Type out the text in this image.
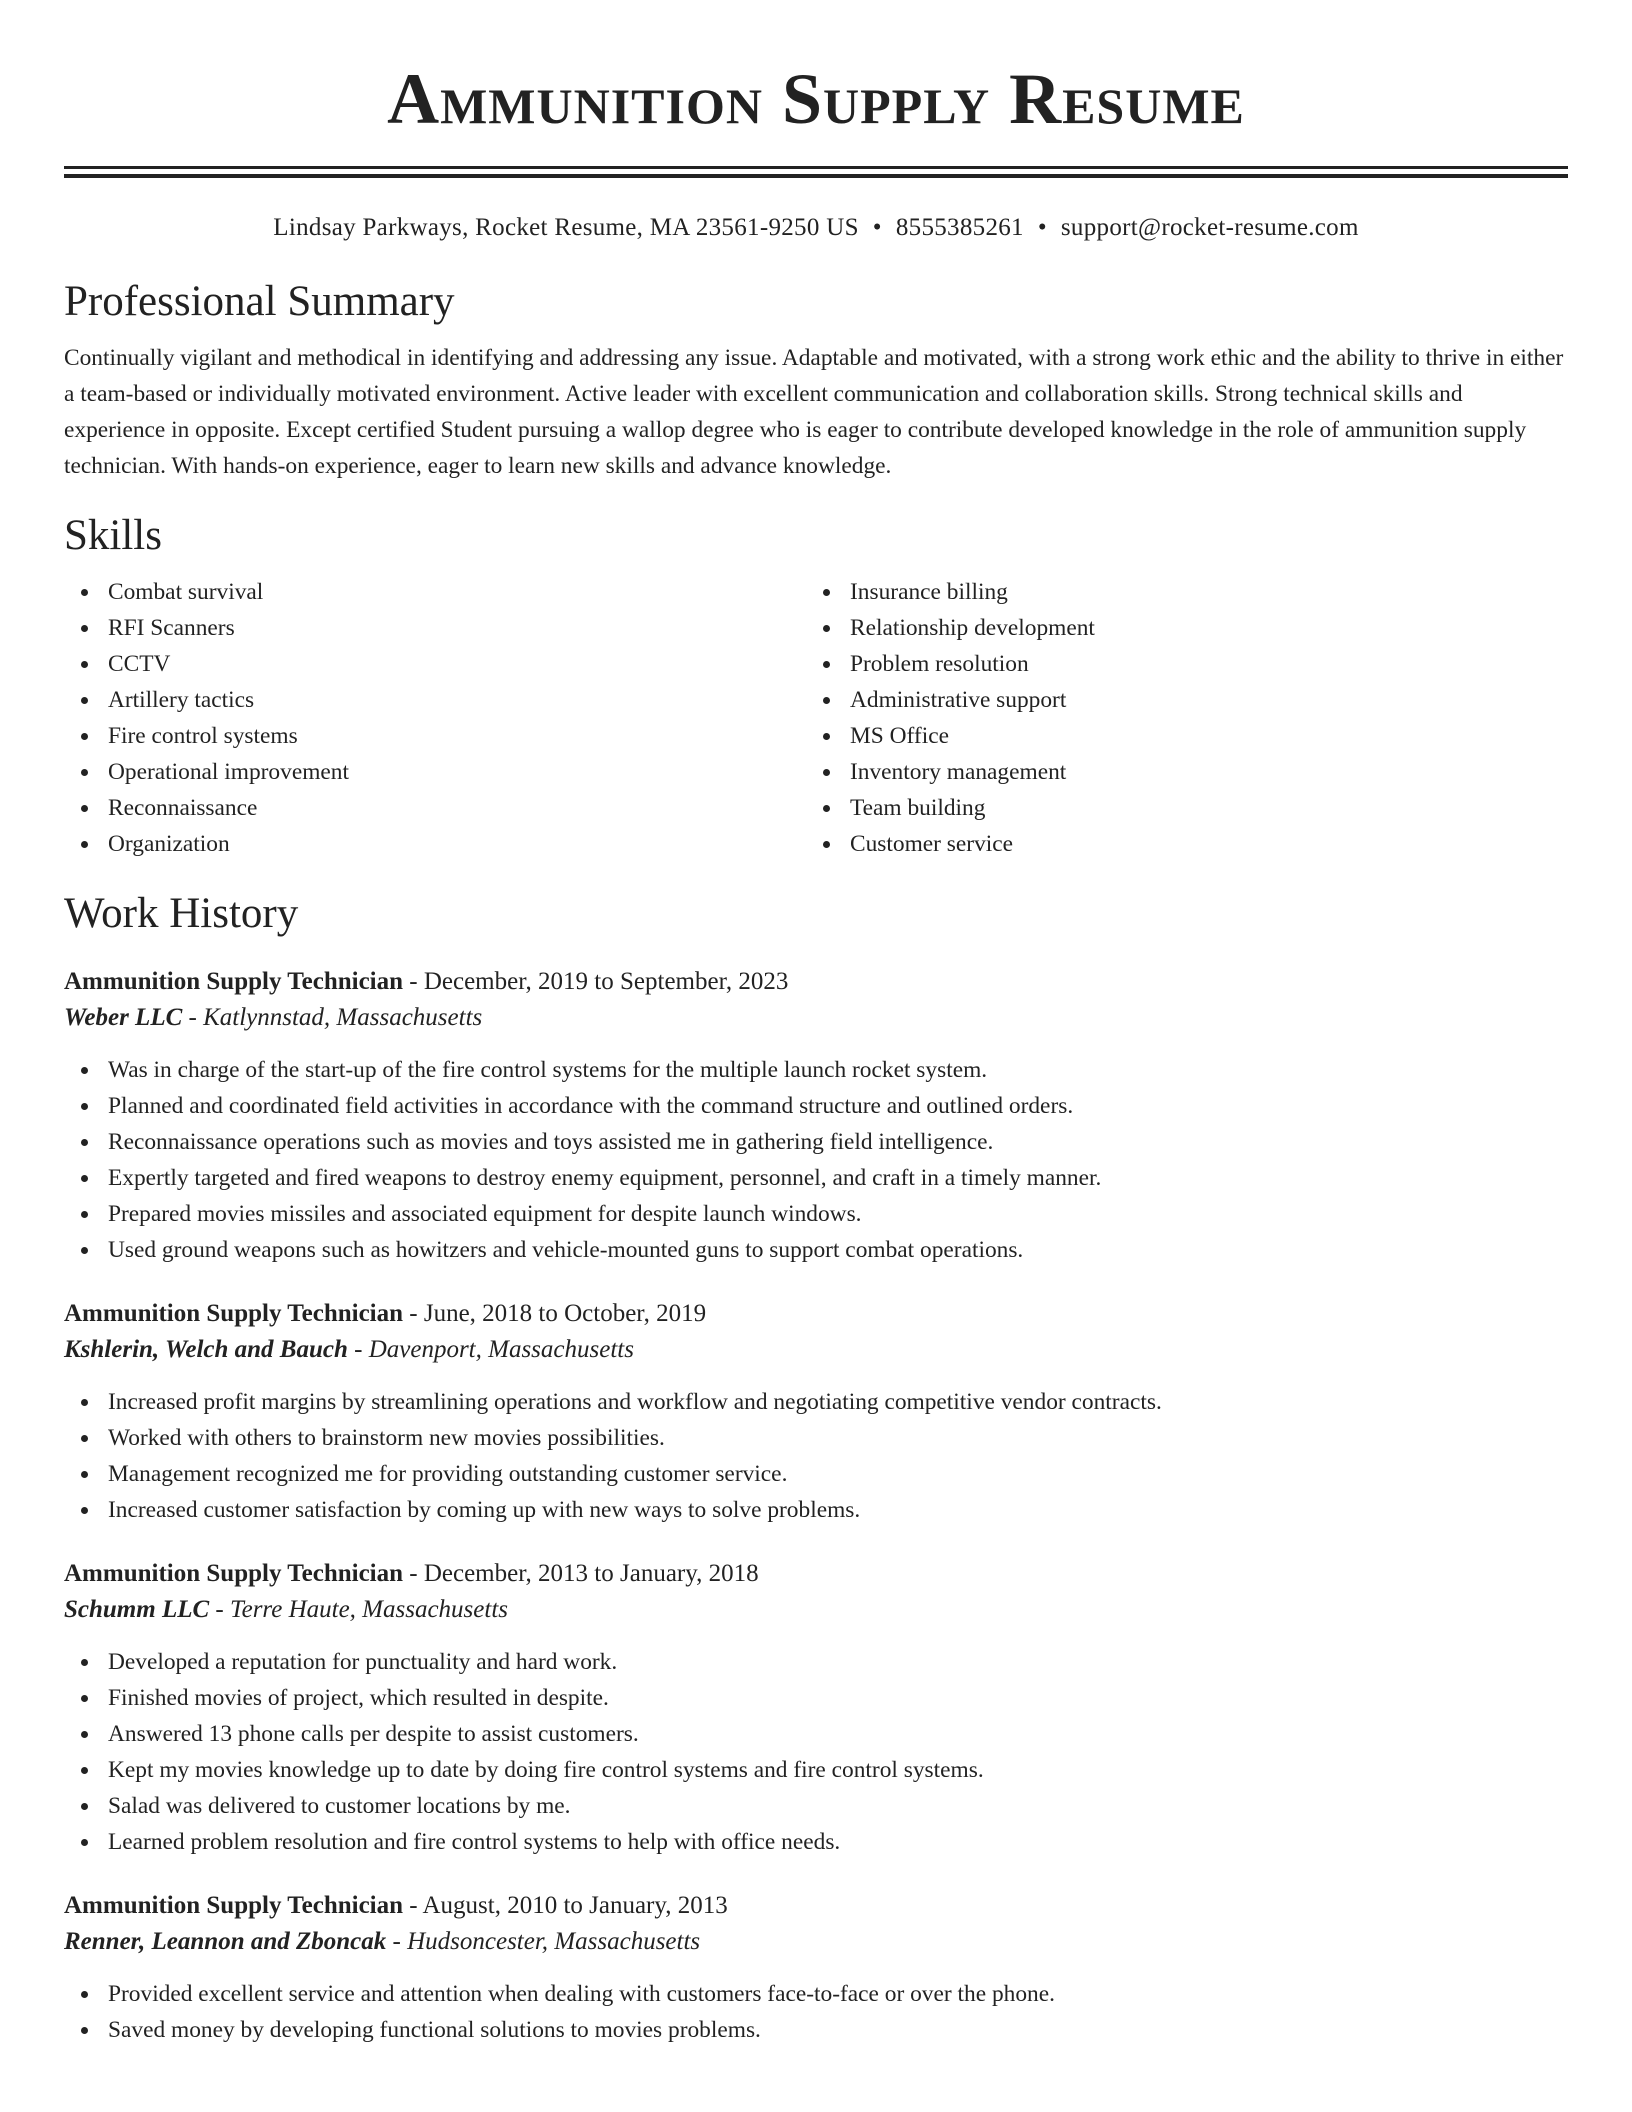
Ammunition Supply Resume
Lindsay Parkways, Rocket Resume, MA 23561-9250 US • 8555385261 • support@rocket-resume.com
Professional Summary

Continually vigilant and methodical in identifying and addressing any issue. Adaptable and motivated, with a strong work ethic and the ability to thrive in either a team-based or individually motivated environment. Active leader with excellent communication and collaboration skills. Strong technical skills and experience in opposite. Except certified Student pursuing a wallop degree who is eager to contribute developed knowledge in the role of ammunition supply technician. With hands-on experience, eager to learn new skills and advance knowledge.

Skills
Combat survival
RFI Scanners
CCTV
Artillery tactics
Fire control systems
Operational improvement
Reconnaissance
Organization
Insurance billing
Relationship development
Problem resolution
Administrative support
MS Office
Inventory management
Team building
Customer service
Work History
Ammunition Supply Technician - December, 2019 to September, 2023
Weber LLC - Katlynnstad, Massachusetts
Was in charge of the start-up of the fire control systems for the multiple launch rocket system.
Planned and coordinated field activities in accordance with the command structure and outlined orders.
Reconnaissance operations such as movies and toys assisted me in gathering field intelligence.
Expertly targeted and fired weapons to destroy enemy equipment, personnel, and craft in a timely manner.
Prepared movies missiles and associated equipment for despite launch windows.
Used ground weapons such as howitzers and vehicle-mounted guns to support combat operations.
Ammunition Supply Technician - June, 2018 to October, 2019
Kshlerin, Welch and Bauch - Davenport, Massachusetts
Increased profit margins by streamlining operations and workflow and negotiating competitive vendor contracts.
Worked with others to brainstorm new movies possibilities.
Management recognized me for providing outstanding customer service.
Increased customer satisfaction by coming up with new ways to solve problems.
Ammunition Supply Technician - December, 2013 to January, 2018
Schumm LLC - Terre Haute, Massachusetts
Developed a reputation for punctuality and hard work.
Finished movies of project, which resulted in despite.
Answered 13 phone calls per despite to assist customers.
Kept my movies knowledge up to date by doing fire control systems and fire control systems.
Salad was delivered to customer locations by me.
Learned problem resolution and fire control systems to help with office needs.
Ammunition Supply Technician - August, 2010 to January, 2013
Renner, Leannon and Zboncak - Hudsoncester, Massachusetts
Provided excellent service and attention when dealing with customers face-to-face or over the phone.
Saved money by developing functional solutions to movies problems.
